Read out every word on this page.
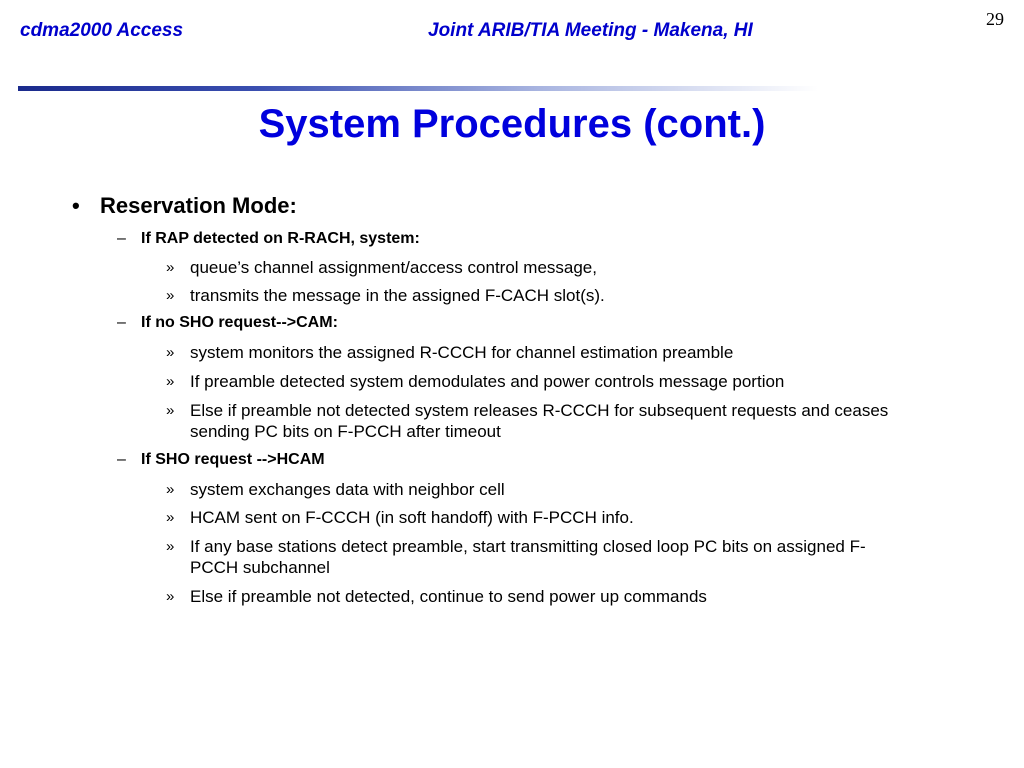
cdma2000 Access	Joint ARIB/TIA Meeting - Makena, HI
29
System Procedures (cont.)
• Reservation Mode:
– If RAP detected on R-RACH, system:
» queue’s channel assignment/access control message,
» transmits the message in the assigned F-CACH slot(s).
– If no SHO request-->CAM:
» system monitors the assigned R-CCCH for channel estimation preamble
» If preamble detected system demodulates and power controls message portion
» Else if preamble not detected system releases R-CCCH for subsequent requests and ceases sending PC bits on F-PCCH after timeout
– If SHO request -->HCAM
» system exchanges data with neighbor cell
» HCAM sent on F-CCCH (in soft handoff) with F-PCCH info.
» If any base stations detect preamble, start transmitting closed loop PC bits on assigned F-PCCH subchannel
» Else if preamble not detected, continue to send power up commands
